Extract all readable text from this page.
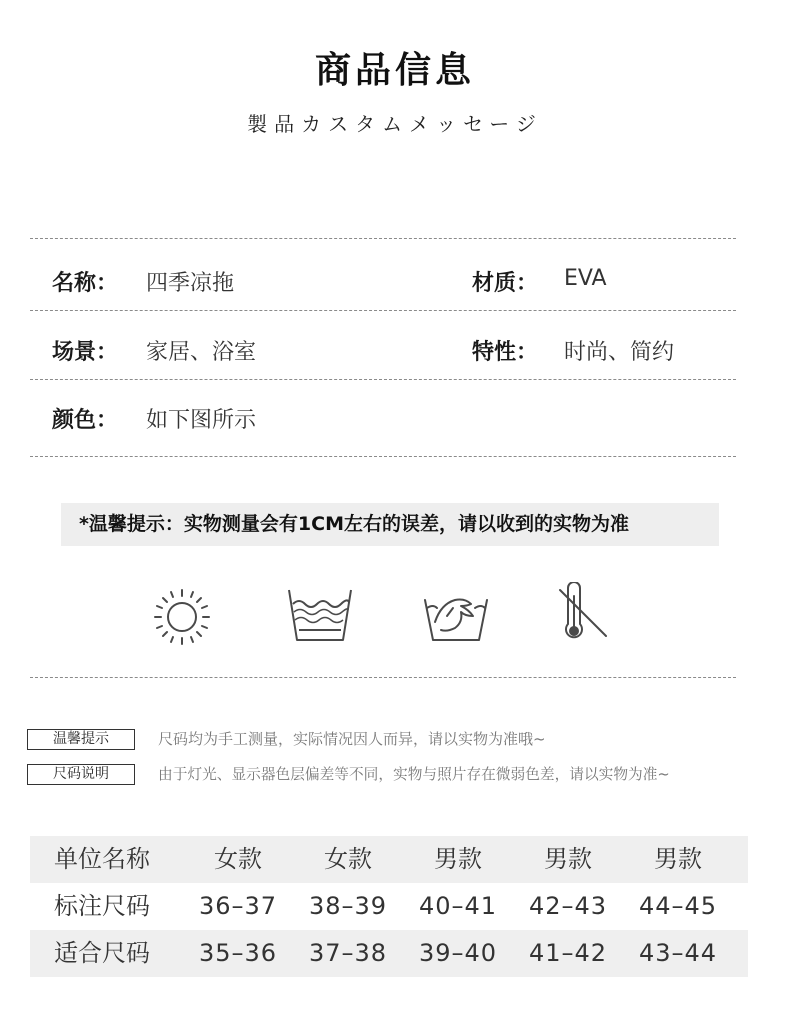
商品信息
製品カスタムメッセージ
名称： 四季凉拖	材质： EVA
场景： 家居、浴室	特性： 时尚、简约
颜色： 如下图所示
*温馨提示：实物测量会有1CM左右的误差，请以收到的实物为准
温馨提示	尺码均为手工测量，实际情况因人而异，请以实物为准哦~
尺码说明	由于灯光、显示器色层偏差等不同，实物与照片存在微弱色差，请以实物为准~
单位名称	女款	女款	男款	男款	男款
标注尺码 36–37 38–39 40–41 42–43 44–45
适合尺码 35–36 37–38 39–40 41–42 43–44
